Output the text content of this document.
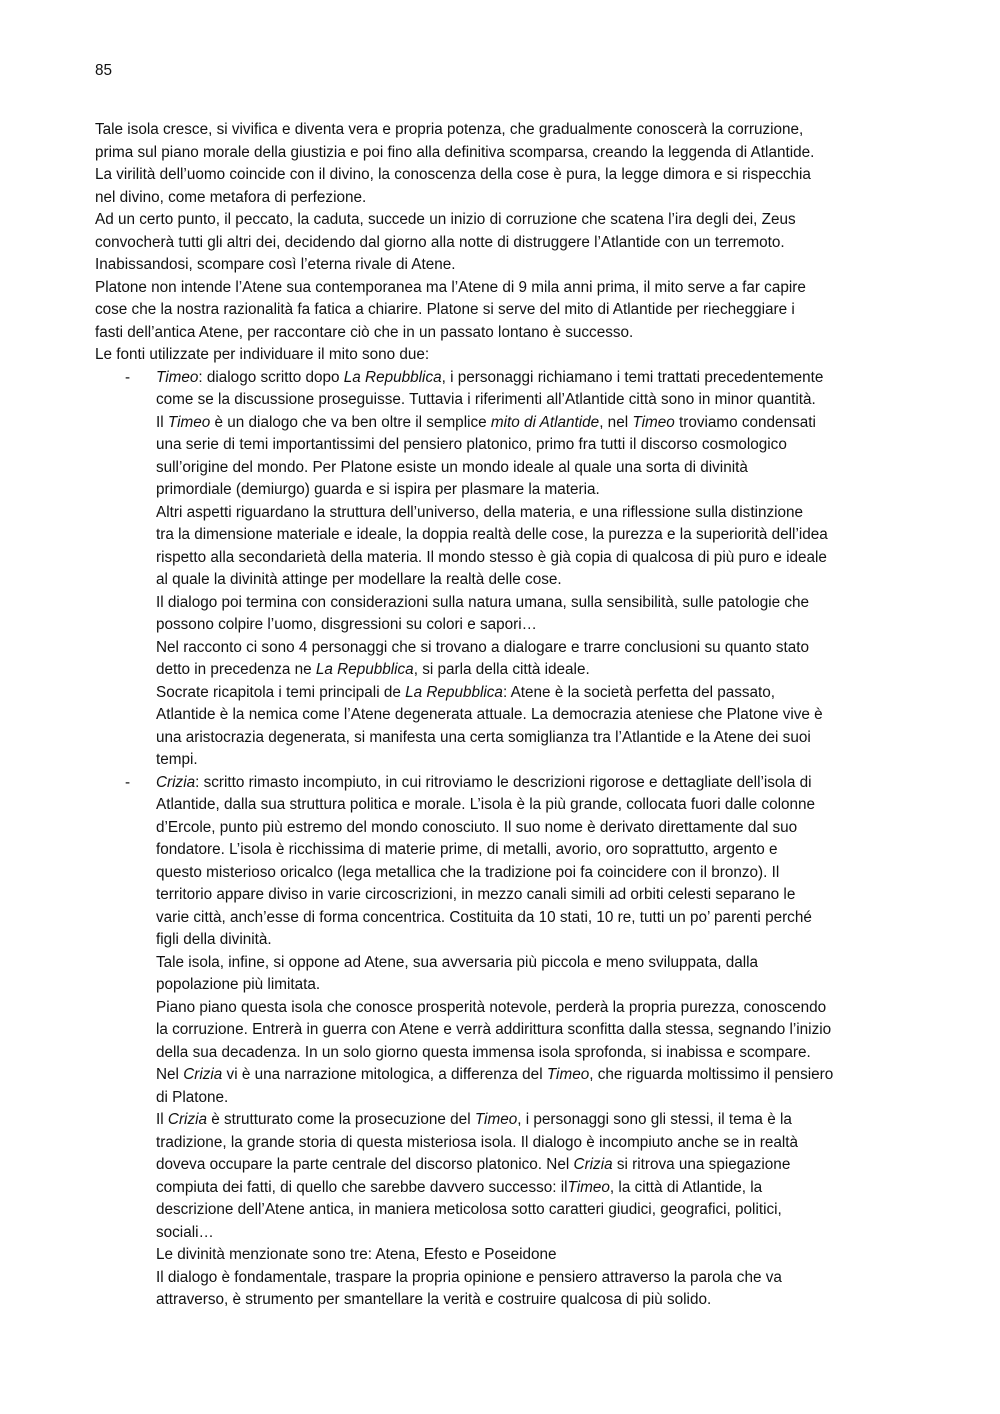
85
Tale isola cresce, si vivifica e diventa vera e propria potenza, che gradualmente conoscerà la corruzione,
prima sul piano morale della giustizia e poi fino alla definitiva scomparsa, creando la leggenda di Atlantide.
La virilità dell’uomo coincide con il divino, la conoscenza della cose è pura, la legge dimora e si rispecchia
nel divino, come metafora di perfezione.
Ad un certo punto, il peccato, la caduta, succede un inizio di corruzione che scatena l’ira degli dei, Zeus
convocherà tutti gli altri dei, decidendo dal giorno alla notte di distruggere l’Atlantide con un terremoto.
Inabissandosi, scompare così l’eterna rivale di Atene.
Platone non intende l’Atene sua contemporanea ma l’Atene di 9 mila anni prima, il mito serve a far capire
cose che la nostra razionalità fa fatica a chiarire. Platone si serve del mito di Atlantide per riecheggiare i
fasti dell’antica Atene, per raccontare ciò che in un passato lontano è successo.
Le fonti utilizzate per individuare il mito sono due:
- Timeo: dialogo scritto dopo La Repubblica, i personaggi richiamano i temi trattati precedentemente
come se la discussione proseguisse. Tuttavia i riferimenti all’Atlantide città sono in minor quantità.
Il Timeo è un dialogo che va ben oltre il semplice mito di Atlantide, nel Timeo troviamo condensati
una serie di temi importantissimi del pensiero platonico, primo fra tutti il discorso cosmologico
sull’origine del mondo. Per Platone esiste un mondo ideale al quale una sorta di divinità
primordiale (demiurgo) guarda e si ispira per plasmare la materia.
Altri aspetti riguardano la struttura dell’universo, della materia, e una riflessione sulla distinzione
tra la dimensione materiale e ideale, la doppia realtà delle cose, la purezza e la superiorità dell’idea
rispetto alla secondarietà della materia. Il mondo stesso è già copia di qualcosa di più puro e ideale
al quale la divinità attinge per modellare la realtà delle cose.
Il dialogo poi termina con considerazioni sulla natura umana, sulla sensibilità, sulle patologie che
possono colpire l’uomo, disgressioni su colori e sapori…
Nel racconto ci sono 4 personaggi che si trovano a dialogare e trarre conclusioni su quanto stato
detto in precedenza ne La Repubblica, si parla della città ideale.
Socrate ricapitola i temi principali de La Repubblica: Atene è la società perfetta del passato,
Atlantide è la nemica come l’Atene degenerata attuale. La democrazia ateniese che Platone vive è
una aristocrazia degenerata, si manifesta una certa somiglianza tra l’Atlantide e la Atene dei suoi
tempi.
- Crizia: scritto rimasto incompiuto, in cui ritroviamo le descrizioni rigorose e dettagliate dell’isola di
Atlantide, dalla sua struttura politica e morale. L’isola è la più grande, collocata fuori dalle colonne
d’Ercole, punto più estremo del mondo conosciuto. Il suo nome è derivato direttamente dal suo
fondatore. L’isola è ricchissima di materie prime, di metalli, avorio, oro soprattutto, argento e
questo misterioso oricalco (lega metallica che la tradizione poi fa coincidere con il bronzo). Il
territorio appare diviso in varie circoscrizioni, in mezzo canali simili ad orbiti celesti separano le
varie città, anch’esse di forma concentrica. Costituita da 10 stati, 10 re, tutti un po’ parenti perché
figli della divinità.
Tale isola, infine, si oppone ad Atene, sua avversaria più piccola e meno sviluppata, dalla
popolazione più limitata.
Piano piano questa isola che conosce prosperità notevole, perderà la propria purezza, conoscendo
la corruzione. Entrerà in guerra con Atene e verrà addirittura sconfitta dalla stessa, segnando l’inizio
della sua decadenza. In un solo giorno questa immensa isola sprofonda, si inabissa e scompare.
Nel Crizia vi è una narrazione mitologica, a differenza del Timeo, che riguarda moltissimo il pensiero
di Platone.
Il Crizia è strutturato come la prosecuzione del Timeo, i personaggi sono gli stessi, il tema è la
tradizione, la grande storia di questa misteriosa isola. Il dialogo è incompiuto anche se in realtà
doveva occupare la parte centrale del discorso platonico. Nel Crizia si ritrova una spiegazione
compiuta dei fatti, di quello che sarebbe davvero successo: ilTimeo, la città di Atlantide, la
descrizione dell’Atene antica, in maniera meticolosa sotto caratteri giudici, geografici, politici,
sociali…
Le divinità menzionate sono tre: Atena, Efesto e Poseidone
Il dialogo è fondamentale, traspare la propria opinione e pensiero attraverso la parola che va
attraverso, è strumento per smantellare la verità e costruire qualcosa di più solido.
